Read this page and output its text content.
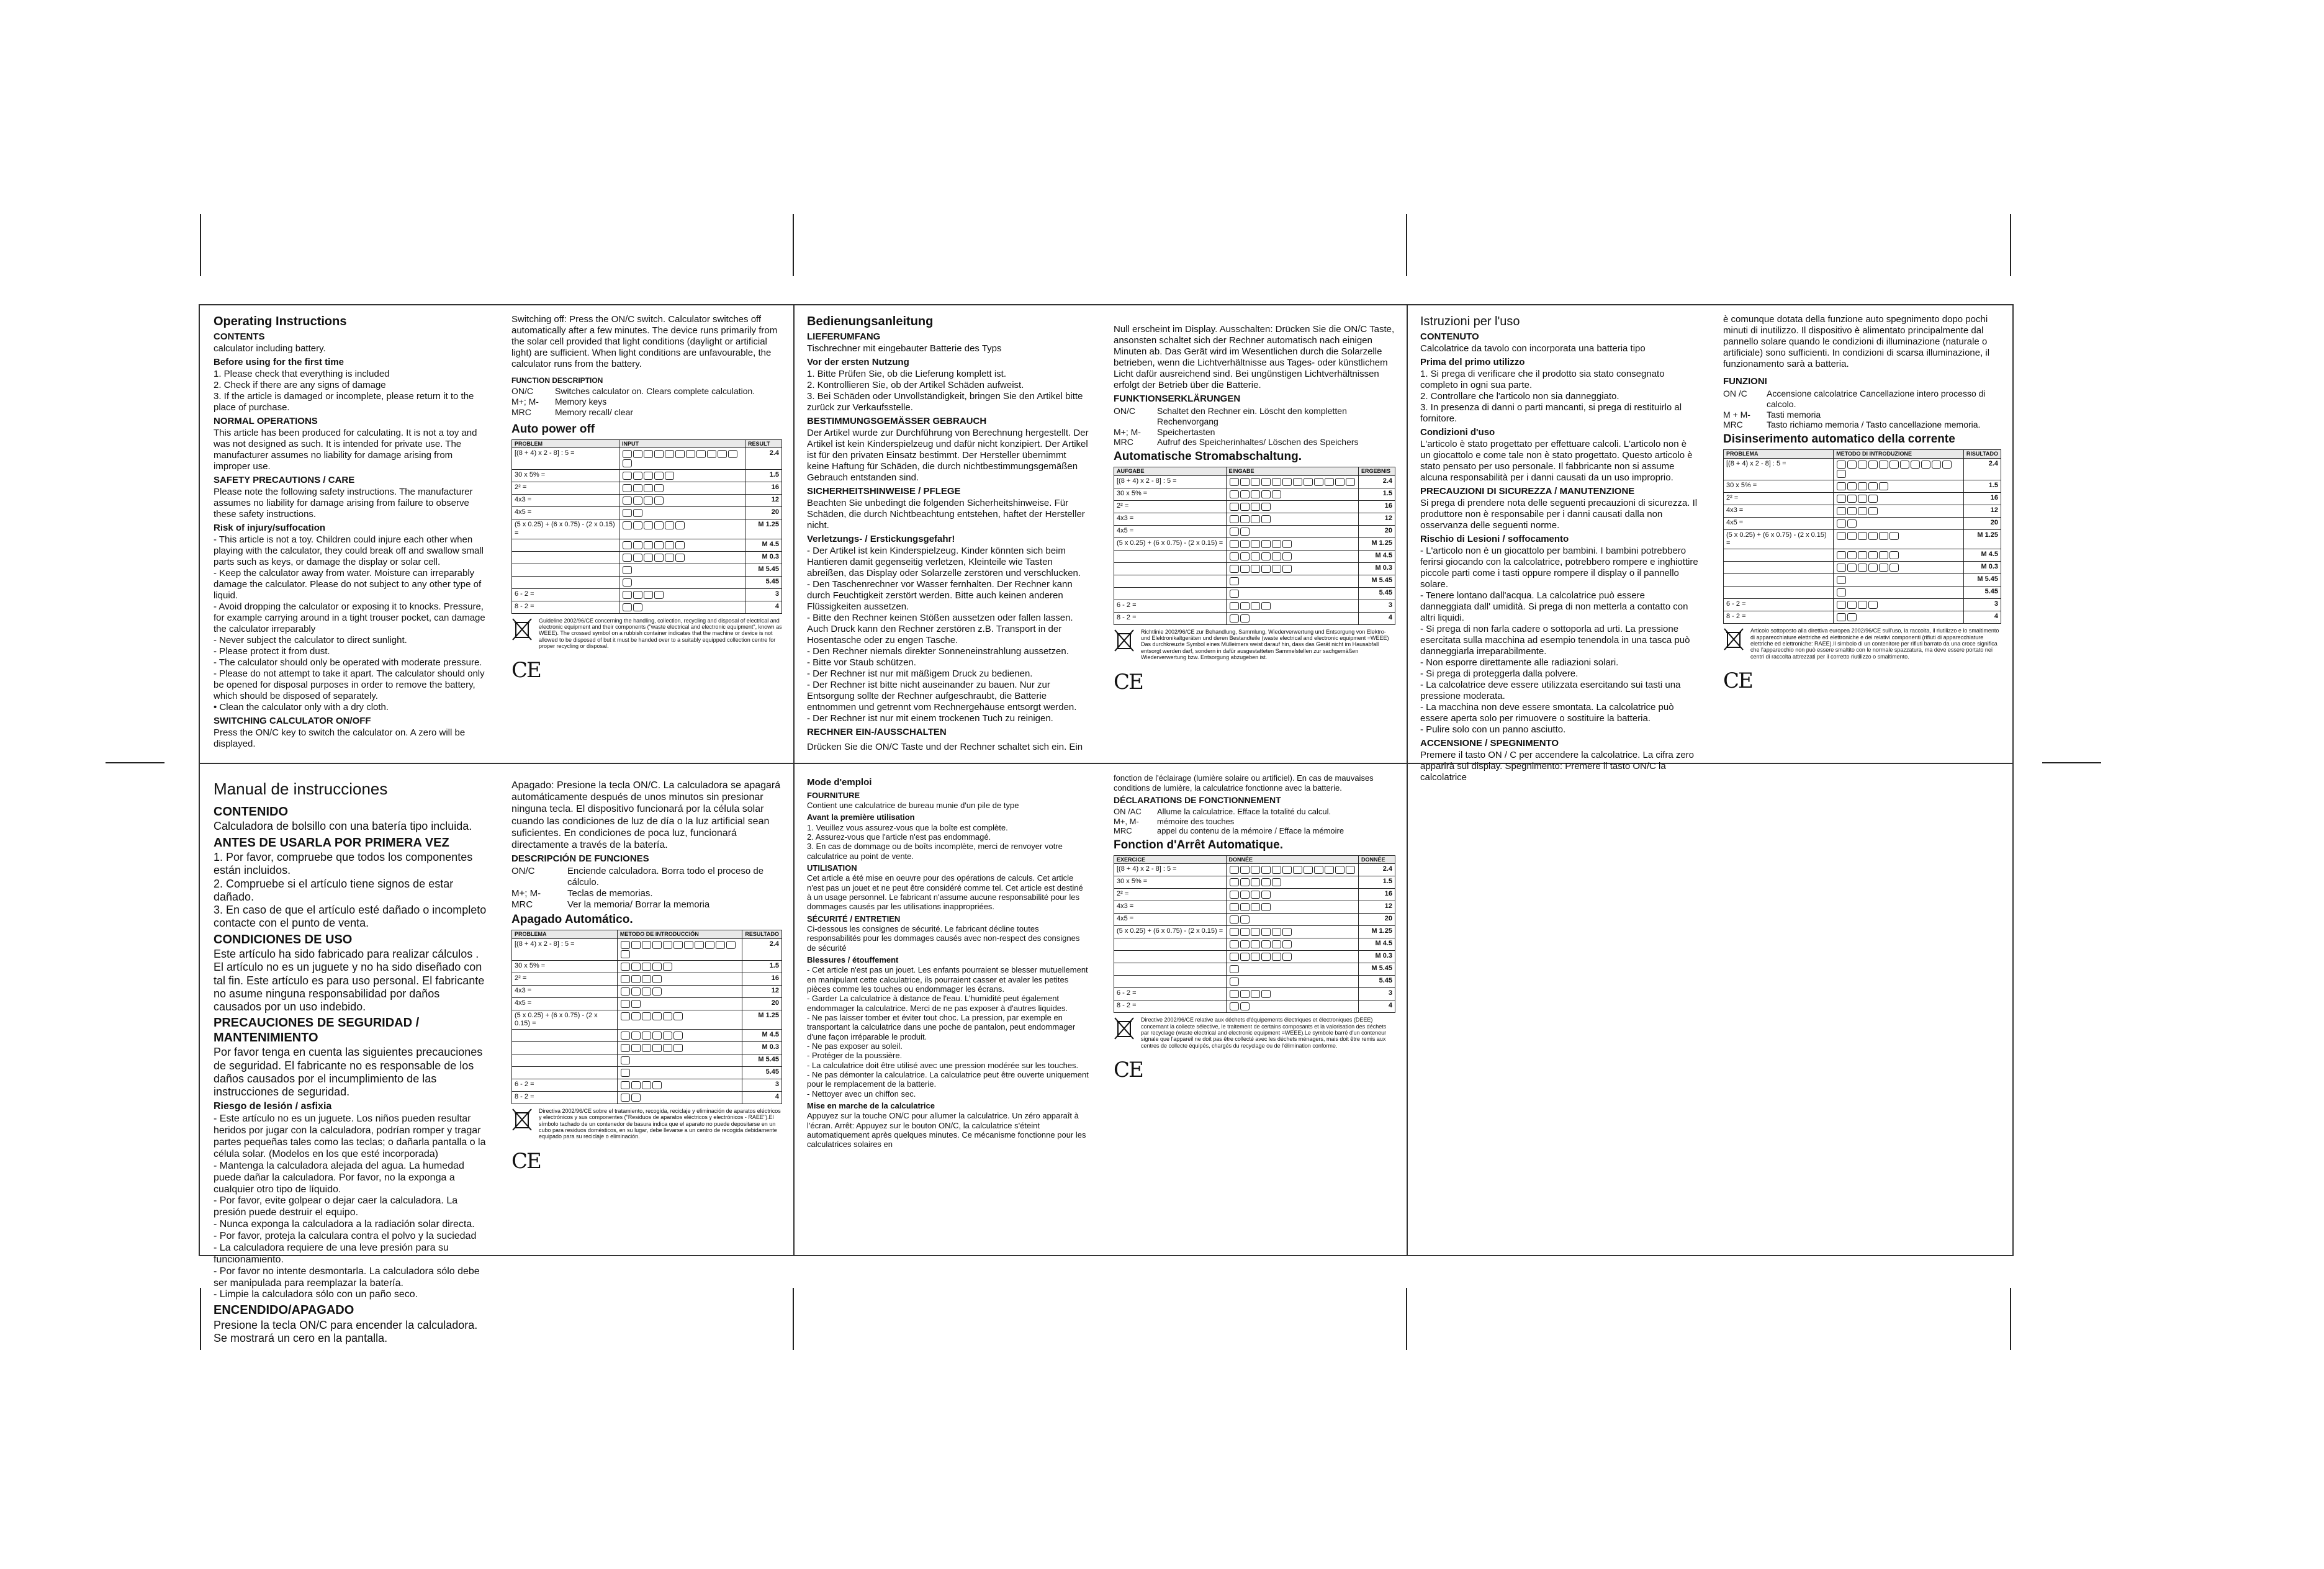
Operating Instructions
CONTENTS

calculator including battery.

Before using for the first time
1. Please check that everything is included
2. Check if there are any signs of damage
3. If the article is damaged or incomplete, please return it to the place of purchase.
NORMAL OPERATIONS

This article has been produced for calculating. It is not a toy and was not designed as such. It is intended for private use. The manufacturer assumes no liability for damage arising from improper use.

SAFETY PRECAUTIONS / CARE

Please note the following safety instructions. The manufacturer assumes no liability for damage arising from failure to observe these safety instructions.

Risk of injury/suffocation
- This article is not a toy. Children could injure each other when playing with the calculator, they could break off and swallow small parts such as keys, or damage the display or solar cell.
- Keep the calculator away from water. Moisture can irreparably damage the calculator. Please do not subject to any other type of liquid.
- Avoid dropping the calculator or exposing it to knocks. Pressure, for example carrying around in a tight trouser pocket, can damage the calculator irreparably
- Never subject the calculator to direct sunlight.
- Please protect it from dust.
- The calculator should only be operated with moderate pressure.
- Please do not attempt to take it apart. The calculator should only be opened for disposal purposes in order to remove the battery, which should be disposed of separately.
• Clean the calculator only with a dry cloth.
SWITCHING CALCULATOR ON/OFF

Press the ON/C key to switch the calculator on. A zero will be displayed.

Switching off: Press the ON/C switch. Calculator switches off automatically after a few minutes. The device runs primarily from the solar cell provided that light conditions (daylight or artificial light) are sufficient. When light conditions are unfavourable, the calculator runs from the battery.

FUNCTION DESCRIPTION
ON/C	Switches calculator on. Clears complete calculation.
M+; M-	Memory keys
MRC	Memory recall/ clear
Auto power off
PROBLEM	INPUT	RESULT
[(8 + 4) x 2 - 8] : 5 =		2.4
30 x 5% =		1.5
2² =		16
4x3 =		12
4x5 =		20
(5 x 0.25) + (6 x 0.75) - (2 x 0.15) =		M 1.25
		M 4.5
		M 0.3
		M 5.45
		5.45
6 - 2 =		3
8 - 2 =		4
Guideline 2002/96/CE concerning the handling, collection, recycling and disposal of electrical and electronic equipment and their components ("waste electrical and electronic equipment", known as WEEE). The crossed symbol on a rubbish container indicates that the machine or device is not allowed to be disposed of but it must be handed over to a suitably equipped collection centre for proper recycling or disposal.
CE
Bedienungsanleitung
LIEFERUMFANG

Tischrechner mit eingebauter Batterie des Typs

Vor der ersten Nutzung
1. Bitte Prüfen Sie, ob die Lieferung komplett ist.
2. Kontrollieren Sie, ob der Artikel Schäden aufweist.
3. Bei Schäden oder Unvollständigkeit, bringen Sie den Artikel bitte zurück zur Verkaufsstelle.
BESTIMMUNGSGEMÄSSER GEBRAUCH

Der Artikel wurde zur Durchführung von Berechnung hergestellt. Der Artikel ist kein Kinderspielzeug und dafür nicht konzipiert. Der Artikel ist für den privaten Einsatz bestimmt. Der Hersteller übernimmt keine Haftung für Schäden, die durch nichtbestimmungsgemäßen Gebrauch entstanden sind.

SICHERHEITSHINWEISE / PFLEGE

Beachten Sie unbedingt die folgenden Sicherheitshinweise. Für Schäden, die durch Nichtbeachtung entstehen, haftet der Hersteller nicht.

Verletzungs- / Erstickungsgefahr!
- Der Artikel ist kein Kinderspielzeug. Kinder könnten sich beim Hantieren damit gegenseitig verletzen, Kleinteile wie Tasten abreißen, das Display oder Solarzelle zerstören und verschlucken.
- Den Taschenrechner vor Wasser fernhalten. Der Rechner kann durch Feuchtigkeit zerstört werden. Bitte auch keinen anderen Flüssigkeiten aussetzen.
- Bitte den Rechner keinen Stößen aussetzen oder fallen lassen. Auch Druck kann den Rechner zerstören z.B. Transport in der Hosentasche oder zu engen Tasche.
- Den Rechner niemals direkter Sonneneinstrahlung aussetzen.
- Bitte vor Staub schützen.
- Der Rechner ist nur mit mäßigem Druck zu bedienen.
- Der Rechner ist bitte nicht auseinander zu bauen. Nur zur Entsorgung sollte der Rechner aufgeschraubt, die Batterie entnommen und getrennt vom Rechnergehäuse entsorgt werden.
- Der Rechner ist nur mit einem trockenen Tuch zu reinigen.
RECHNER EIN-/AUSSCHALTEN

Drücken Sie die ON/C Taste und der Rechner schaltet sich ein. Ein

Null erscheint im Display. Ausschalten: Drücken Sie die ON/C Taste, ansonsten schaltet sich der Rechner automatisch nach einigen Minuten ab. Das Gerät wird im Wesentlichen durch die Solarzelle betrieben, wenn die Lichtverhältnisse aus Tages- oder künstlichem Licht dafür ausreichend sind. Bei ungünstigen Lichtverhältnissen erfolgt der Betrieb über die Batterie.

FUNKTIONSERKLÄRUNGEN
ON/C	Schaltet den Rechner ein. Löscht den kompletten Rechenvorgang
M+; M-	Speichertasten
MRC	Aufruf des Speicherinhaltes/ Löschen des Speichers
Automatische Stromabschaltung.
AUFGABE	EINGABE	ERGEBNIS
[(8 + 4) x 2 - 8] : 5 =		2.4
30 x 5% =		1.5
2² =		16
4x3 =		12
4x5 =		20
(5 x 0.25) + (6 x 0.75) - (2 x 0.15) =		M 1.25
		M 4.5
		M 0.3
		M 5.45
		5.45
6 - 2 =		3
8 - 2 =		4
Richtlinie 2002/96/CE zur Behandlung, Sammlung, Wiederverwertung und Entsorgung von Elektro- und Elektronikaltgeräten und deren Bestandteile (waste electrical and electronic equipment =WEEE) Das durchkreuzte Symbol eines Mülleimers weist darauf hin, dass das Gerät nicht im Hausabfall entsorgt werden darf, sondern in dafür ausgestatteten Sammelstellen zur sachgemäßen Wiederverwertung bzw. Entsorgung abzugeben ist.
CE
Istruzioni per l'uso
CONTENUTO

Calcolatrice da tavolo con incorporata una batteria tipo

Prima del primo utilizzo
1. Si prega di verificare che il prodotto sia stato consegnato completo in ogni sua parte.
2. Controllare che l'articolo non sia danneggiato.
3. In presenza di danni o parti mancanti, si prega di restituirlo al fornitore.
Condizioni d'uso

L'articolo è stato progettato per effettuare calcoli. L'articolo non è un giocattolo e come tale non è stato progettato. Questo articolo è stato pensato per uso personale. Il fabbricante non si assume alcuna responsabilità per i danni causati da un uso improprio.

PRECAUZIONI DI SICUREZZA / MANUTENZIONE

Si prega di prendere nota delle seguenti precauzioni di sicurezza. Il produttore non è responsabile per i danni causati dalla non osservanza delle seguenti norme.

Rischio di Lesioni / soffocamento
- L'articolo non è un giocattolo per bambini. I bambini potrebbero ferirsi giocando con la calcolatrice, potrebbero rompere e inghiottire piccole parti come i tasti oppure rompere il display o il pannello solare.
- Tenere lontano dall'acqua. La calcolatrice può essere danneggiata dall' umidità. Si prega di non metterla a contatto con altri liquidi.
- Si prega di non farla cadere o sottoporla ad urti. La pressione esercitata sulla macchina ad esempio tenendola in una tasca può danneggiarla irreparabilmente.
- Non esporre direttamente alle radiazioni solari.
- Si prega di proteggerla dalla polvere.
- La calcolatrice deve essere utilizzata esercitando sui tasti una pressione moderata.
- La macchina non deve essere smontata. La calcolatrice può essere aperta solo per rimuovere o sostituire la batteria.
- Pulire solo con un panno asciutto.
ACCENSIONE / SPEGNIMENTO

Premere il tasto ON / C per accendere la calcolatrice. La cifra zero apparirà sul display. Spegnimento: Premere il tasto ON/C la calcolatrice

è comunque dotata della funzione auto spegnimento dopo pochi minuti di inutilizzo. Il dispositivo è alimentato principalmente dal pannello solare quando le condizioni di illuminazione (naturale o artificiale) sono sufficienti. In condizioni di scarsa illuminazione, il funzionamento sarà a batteria.

FUNZIONI
ON /C	Accensione calcolatrice Cancellazione intero processo di calcolo.
M + M-	Tasti memoria
MRC	Tasto richiamo memoria / Tasto cancellazione memoria.
Disinserimento automatico della corrente
PROBLEMA	METODO DI INTRODUZIONE	RISULTADO
[(8 + 4) x 2 - 8] : 5 =		2.4
30 x 5% =		1.5
2² =		16
4x3 =		12
4x5 =		20
(5 x 0.25) + (6 x 0.75) - (2 x 0.15) =		M 1.25
		M 4.5
		M 0.3
		M 5.45
		5.45
6 - 2 =		3
8 - 2 =		4
Articolo sottoposto alla direttiva europea 2002/96/CE sull'uso, la raccolta, il riutilizzo e lo smaltimento di apparecchiature elettriche ed elettroniche e dei relativi componenti (rifiuti di apparecchiature elettriche ed elettroniche: RAEE).Il simbolo di un contenitore per rifiuti barrato da una croce significa che l'apparecchio non può essere smaltito con le normale spazzatura, ma deve essere portato nei centri di raccolta attrezzati per il corretto riutilizzo o smaltimento.
CE
Manual de instrucciones
CONTENIDO

Calculadora de bolsillo con una batería tipo incluida.

ANTES DE USARLA POR PRIMERA VEZ
1. Por favor, compruebe que todos los componentes están incluidos.
2. Compruebe si el artículo tiene signos de estar dañado.
3. En caso de que el artículo esté dañado o incompleto contacte con el punto de venta.
CONDICIONES DE USO

Este artículo ha sido fabricado para realizar cálculos . El artículo no es un juguete y no ha sido diseñado con tal fin. Este artículo es para uso personal. El fabricante no asume ninguna responsabilidad por daños causados por un uso indebido.

PRECAUCIONES DE SEGURIDAD / MANTENIMIENTO

Por favor tenga en cuenta las siguientes precauciones de seguridad. El fabricante no es responsable de los daños causados por el incumplimiento de las instrucciones de seguridad.

Riesgo de lesión / asfixia
- Este artículo no es un juguete. Los niños pueden resultar heridos por jugar con la calculadora, podrían romper y tragar partes pequeñas tales como las teclas; o dañarla pantalla o la célula solar. (Modelos en los que esté incorporada)
- Mantenga la calculadora alejada del agua. La humedad puede dañar la calculadora. Por favor, no la exponga a cualquier otro tipo de líquido.
- Por favor, evite golpear o dejar caer la calculadora. La presión puede destruir el equipo.
- Nunca exponga la calculadora a la radiación solar directa.
- Por favor, proteja la calculara contra el polvo y la suciedad
- La calculadora requiere de una leve presión para su funcionamiento.
- Por favor no intente desmontarla. La calculadora sólo debe ser manipulada para reemplazar la batería.
- Limpie la calculadora sólo con un paño seco.
ENCENDIDO/APAGADO

Presione la tecla ON/C para encender la calculadora. Se mostrará un cero en la pantalla.

Apagado: Presione la tecla ON/C. La calculadora se apagará automáticamente después de unos minutos sin presionar ninguna tecla. El dispositivo funcionará por la célula solar cuando las condiciones de luz de día o la luz artificial sean suficientes. En condiciones de poca luz, funcionará directamente a través de la batería.

DESCRIPCIÓN DE FUNCIONES
ON/C	Enciende calculadora. Borra todo el proceso de cálculo.
M+; M-	Teclas de memorias.
MRC	Ver la memoria/ Borrar la memoria
Apagado Automático.
PROBLEMA	METODO DE INTRODUCCIÓN	RESULTADO
[(8 + 4) x 2 - 8] : 5 =		2.4
30 x 5% =		1.5
2² =		16
4x3 =		12
4x5 =		20
(5 x 0.25) + (6 x 0.75) - (2 x 0.15) =		M 1.25
		M 4.5
		M 0.3
		M 5.45
		5.45
6 - 2 =		3
8 - 2 =		4
Directiva 2002/96/CE sobre el tratamiento, recogida, reciclaje y eliminación de aparatos eléctricos y electrónicos y sus componentes ("Residuos de aparatos eléctricos y electrónicos - RAEE").El símbolo tachado de un contenedor de basura indica que el aparato no puede depositarse en un cubo para residuos domésticos, en su lugar, debe llevarse a un centro de recogida debidamente equipado para su reciclaje o eliminación.
CE
Mode d'emploi
FOURNITURE

Contient une calculatrice de bureau munie d'un pile de type

Avant la première utilisation
1. Veuillez vous assurez-vous que la boîte est complète.
2. Assurez-vous que l'article n'est pas endommagé.
3. En cas de dommage ou de boîts incomplète, merci de renvoyer votre calculatrice au point de vente.
UTILISATION

Cet article a été mise en oeuvre pour des opérations de calculs. Cet article n'est pas un jouet et ne peut être considéré comme tel. Cet article est destiné à un usage personnel. Le fabricant n'assume aucune responsabilité pour les dommages causés par les utilisations inappropriées.

SÉCURITÉ / ENTRETIEN

Ci-dessous les consignes de sécurité. Le fabricant décline toutes responsabilités pour les dommages causés avec non-respect des consignes de sécurité

Blessures / étouffement
- Cet article n'est pas un jouet. Les enfants pourraient se blesser mutuellement en manipulant cette calculatrice, ils pourraient casser et avaler les petites pièces comme les touches ou endommager les écrans.
- Garder La calculatrice à distance de l'eau. L'humidité peut également endommager la calculatrice. Merci de ne pas exposer à d'autres liquides.
- Ne pas laisser tomber et éviter tout choc. La pression, par exemple en transportant la calculatrice dans une poche de pantalon, peut endommager d'une façon irréparable le produit.
- Ne pas exposer au soleil.
- Protéger de la poussière.
- La calculatrice doit être utilisé avec une pression modérée sur les touches.
- Ne pas démonter la calculatrice. La calculatrice peut être ouverte uniquement pour le remplacement de la batterie.
- Nettoyer avec un chiffon sec.
Mise en marche de la calculatrice

Appuyez sur la touche ON/C pour allumer la calculatrice. Un zéro apparaît à l'écran. Arrêt: Appuyez sur le bouton ON/C, la calculatrice s'éteint automatiquement après quelques minutes. Ce mécanisme fonctionne pour les calculatrices solaires en

fonction de l'éclairage (lumière solaire ou artificiel). En cas de mauvaises conditions de lumière, la calculatrice fonctionne avec la batterie.

DÉCLARATIONS DE FONCTIONNEMENT
ON /AC	Allume la calculatrice. Efface la totalité du calcul.
M+, M-	mémoire des touches
MRC	appel du contenu de la mémoire / Efface la mémoire
Fonction d'Arrêt Automatique.
EXERCICE	DONNÉE	DONNÉE
[(8 + 4) x 2 - 8] : 5 =		2.4
30 x 5% =		1.5
2² =		16
4x3 =		12
4x5 =		20
(5 x 0.25) + (6 x 0.75) - (2 x 0.15) =		M 1.25
		M 4.5
		M 0.3
		M 5.45
		5.45
6 - 2 =		3
8 - 2 =		4
Directive 2002/96/CE relative aux déchets d'équipements électriques et électroniques (DEEE) concernant la collecte sélective, le traitement de certains composants et la valorisation des déchets par recyclage (waste electrical and electronic equipment =WEEE).Le symbole barré d'un conteneur signale que l'appareil ne doit pas être collecté avec les déchets ménagers, mais doit être remis aux centres de collecte équipés, chargés du recyclage ou de l'élimination conforme.
CE
